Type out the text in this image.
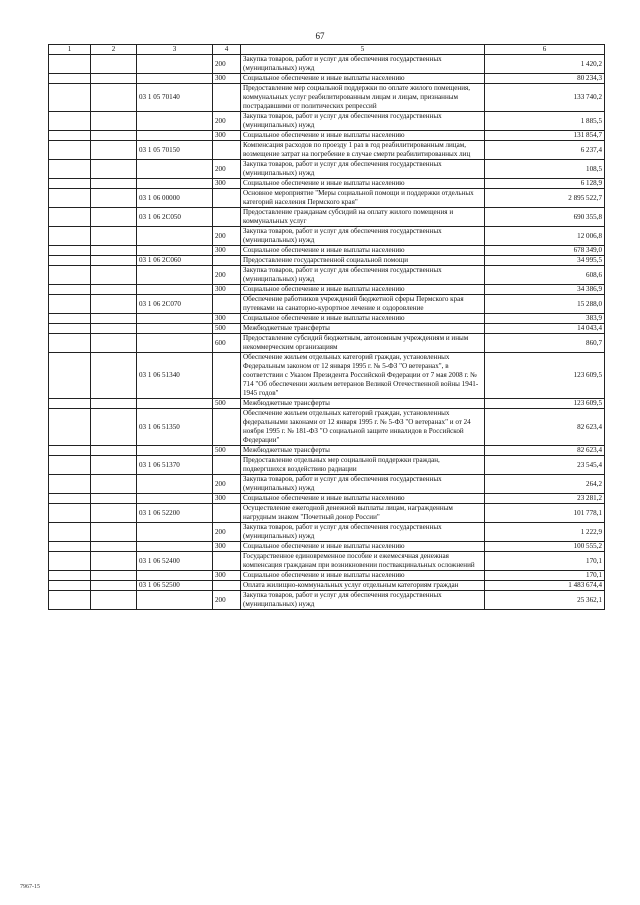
67
1	2	3	4	5	6
			200	Закупка товаров, работ и услуг для обеспечения государственных (муниципальных) нужд	1 420,2
			300	Социальное обеспечение и иные выплаты населению	80 234,3
		03 1 05 70140		Предоставление мер социальной поддержки по оплате жилого помещения, коммунальных услуг реабилитированным лицам и лицам, признанным пострадавшими от политических репрессий	133 740,2
			200	Закупка товаров, работ и услуг для обеспечения государственных (муниципальных) нужд	1 885,5
			300	Социальное обеспечение и иные выплаты населению	131 854,7
		03 1 05 70150		Компенсация расходов по проезду 1 раз в год реабилитированным лицам, возмещение затрат на погребение в случае смерти реабилитированных лиц	6 237,4
			200	Закупка товаров, работ и услуг для обеспечения государственных (муниципальных) нужд	108,5
			300	Социальное обеспечение и иные выплаты населению	6 128,9
		03 1 06 00000		Основное мероприятие "Меры социальной помощи и поддержки отдельных категорий населения Пермского края"	2 895 522,7
		03 1 06 2С050		Предоставление гражданам субсидий на оплату жилого помещения и коммунальных услуг	690 355,8
			200	Закупка товаров, работ и услуг для обеспечения государственных (муниципальных) нужд	12 006,8
			300	Социальное обеспечение и иные выплаты населению	678 349,0
		03 1 06 2С060		Предоставление государственной социальной помощи	34 995,5
			200	Закупка товаров, работ и услуг для обеспечения государственных (муниципальных) нужд	608,6
			300	Социальное обеспечение и иные выплаты населению	34 386,9
		03 1 06 2С070		Обеспечение работников учреждений бюджетной сферы Пермского края путевками на санаторно-курортное лечение и оздоровление	15 288,0
			300	Социальное обеспечение и иные выплаты населению	383,9
			500	Межбюджетные трансферты	14 043,4
			600	Предоставление субсидий бюджетным, автономным учреждениям и иным некоммерческим организациям	860,7
		03 1 06 51340		Обеспечение жильем отдельных категорий граждан, установленных Федеральным законом от 12 января 1995 г. № 5-ФЗ "О ветеранах", в соответствии с Указом Президента Российской Федерации от 7 мая 2008 г. № 714 "Об обеспечении жильем ветеранов Великой Отечественной войны 1941-1945 годов"	123 609,5
			500	Межбюджетные трансферты	123 609,5
		03 1 06 51350		Обеспечение жильем отдельных категорий граждан, установленных федеральными законами от 12 января 1995 г. № 5-ФЗ "О ветеранах" и от 24 ноября 1995 г. № 181-ФЗ "О социальной защите инвалидов в Российской Федерации"	82 623,4
			500	Межбюджетные трансферты	82 623,4
		03 1 06 51370		Предоставление отдельных мер социальной поддержки граждан, подвергшихся воздействию радиации	23 545,4
			200	Закупка товаров, работ и услуг для обеспечения государственных (муниципальных) нужд	264,2
			300	Социальное обеспечение и иные выплаты населению	23 281,2
		03 1 06 52200		Осуществление ежегодной денежной выплаты лицам, награжденным нагрудным знаком "Почетный донор России"	101 778,1
			200	Закупка товаров, работ и услуг для обеспечения государственных (муниципальных) нужд	1 222,9
			300	Социальное обеспечение и иные выплаты населению	100 555,2
		03 1 06 52400		Государственное единовременное пособие и ежемесячная денежная компенсация гражданам при возникновении поствакцинальных осложнений	170,1
			300	Социальное обеспечение и иные выплаты населению	170,1
		03 1 06 52500		Оплата жилищно-коммунальных услуг отдельным категориям граждан	1 483 674,4
			200	Закупка товаров, работ и услуг для обеспечения государственных (муниципальных) нужд	25 362,1
7967-15
